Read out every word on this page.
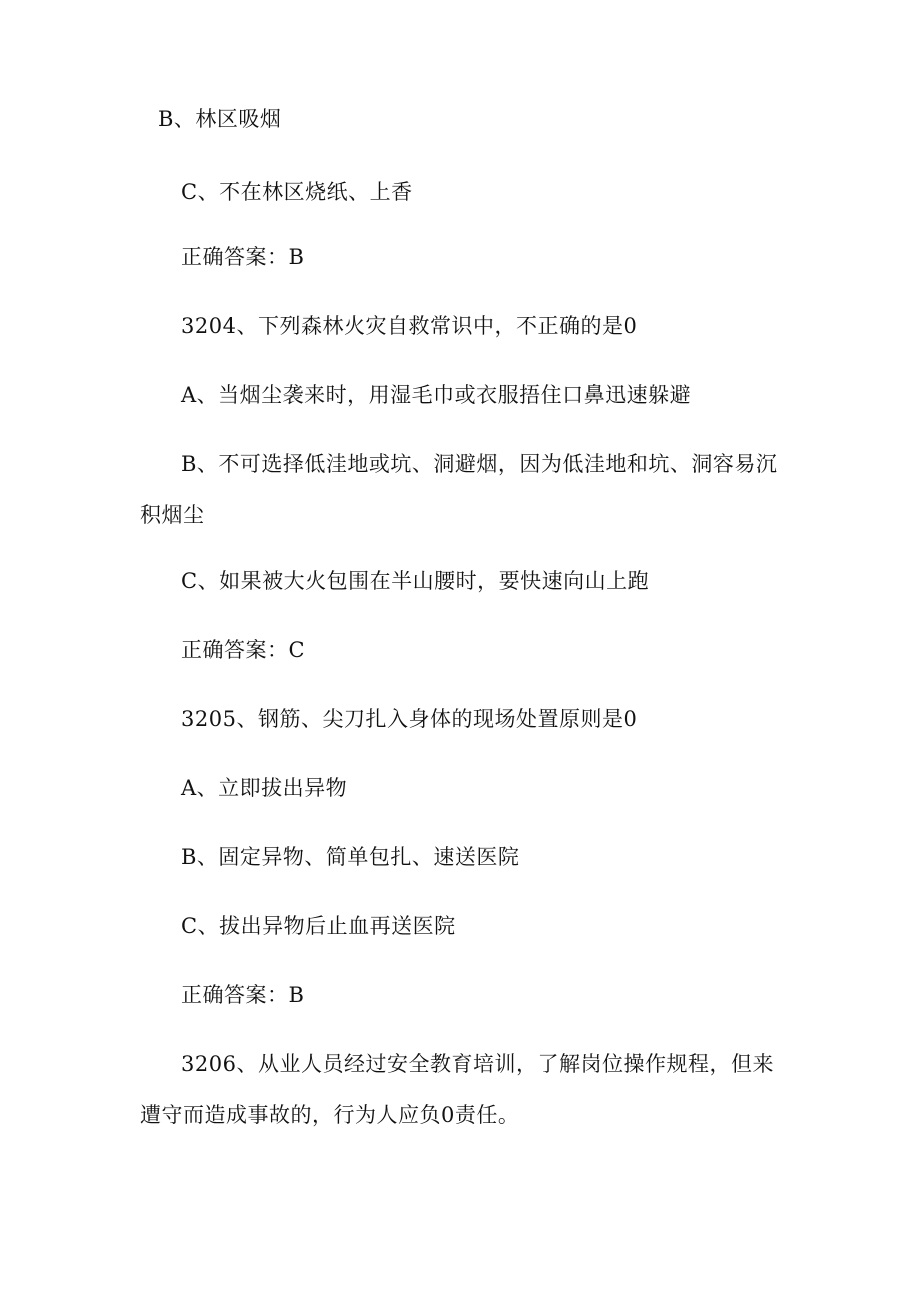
B、林区吸烟
C、不在林区烧纸、上香
正确答案：B
3204、下列森林火灾自救常识中，不正确的是0
A、当烟尘袭来时，用湿毛巾或衣服捂住口鼻迅速躲避
B、不可选择低洼地或坑、洞避烟，因为低洼地和坑、洞容易沉
积烟尘
C、如果被大火包围在半山腰时，要快速向山上跑
正确答案：C
3205、钢筋、尖刀扎入身体的现场处置原则是0
A、立即拔出异物
B、固定异物、简单包扎、速送医院
C、拔出异物后止血再送医院
正确答案：B
3206、从业人员经过安全教育培训，了解岗位操作规程，但来
遭守而造成事故的，行为人应负0责任。
